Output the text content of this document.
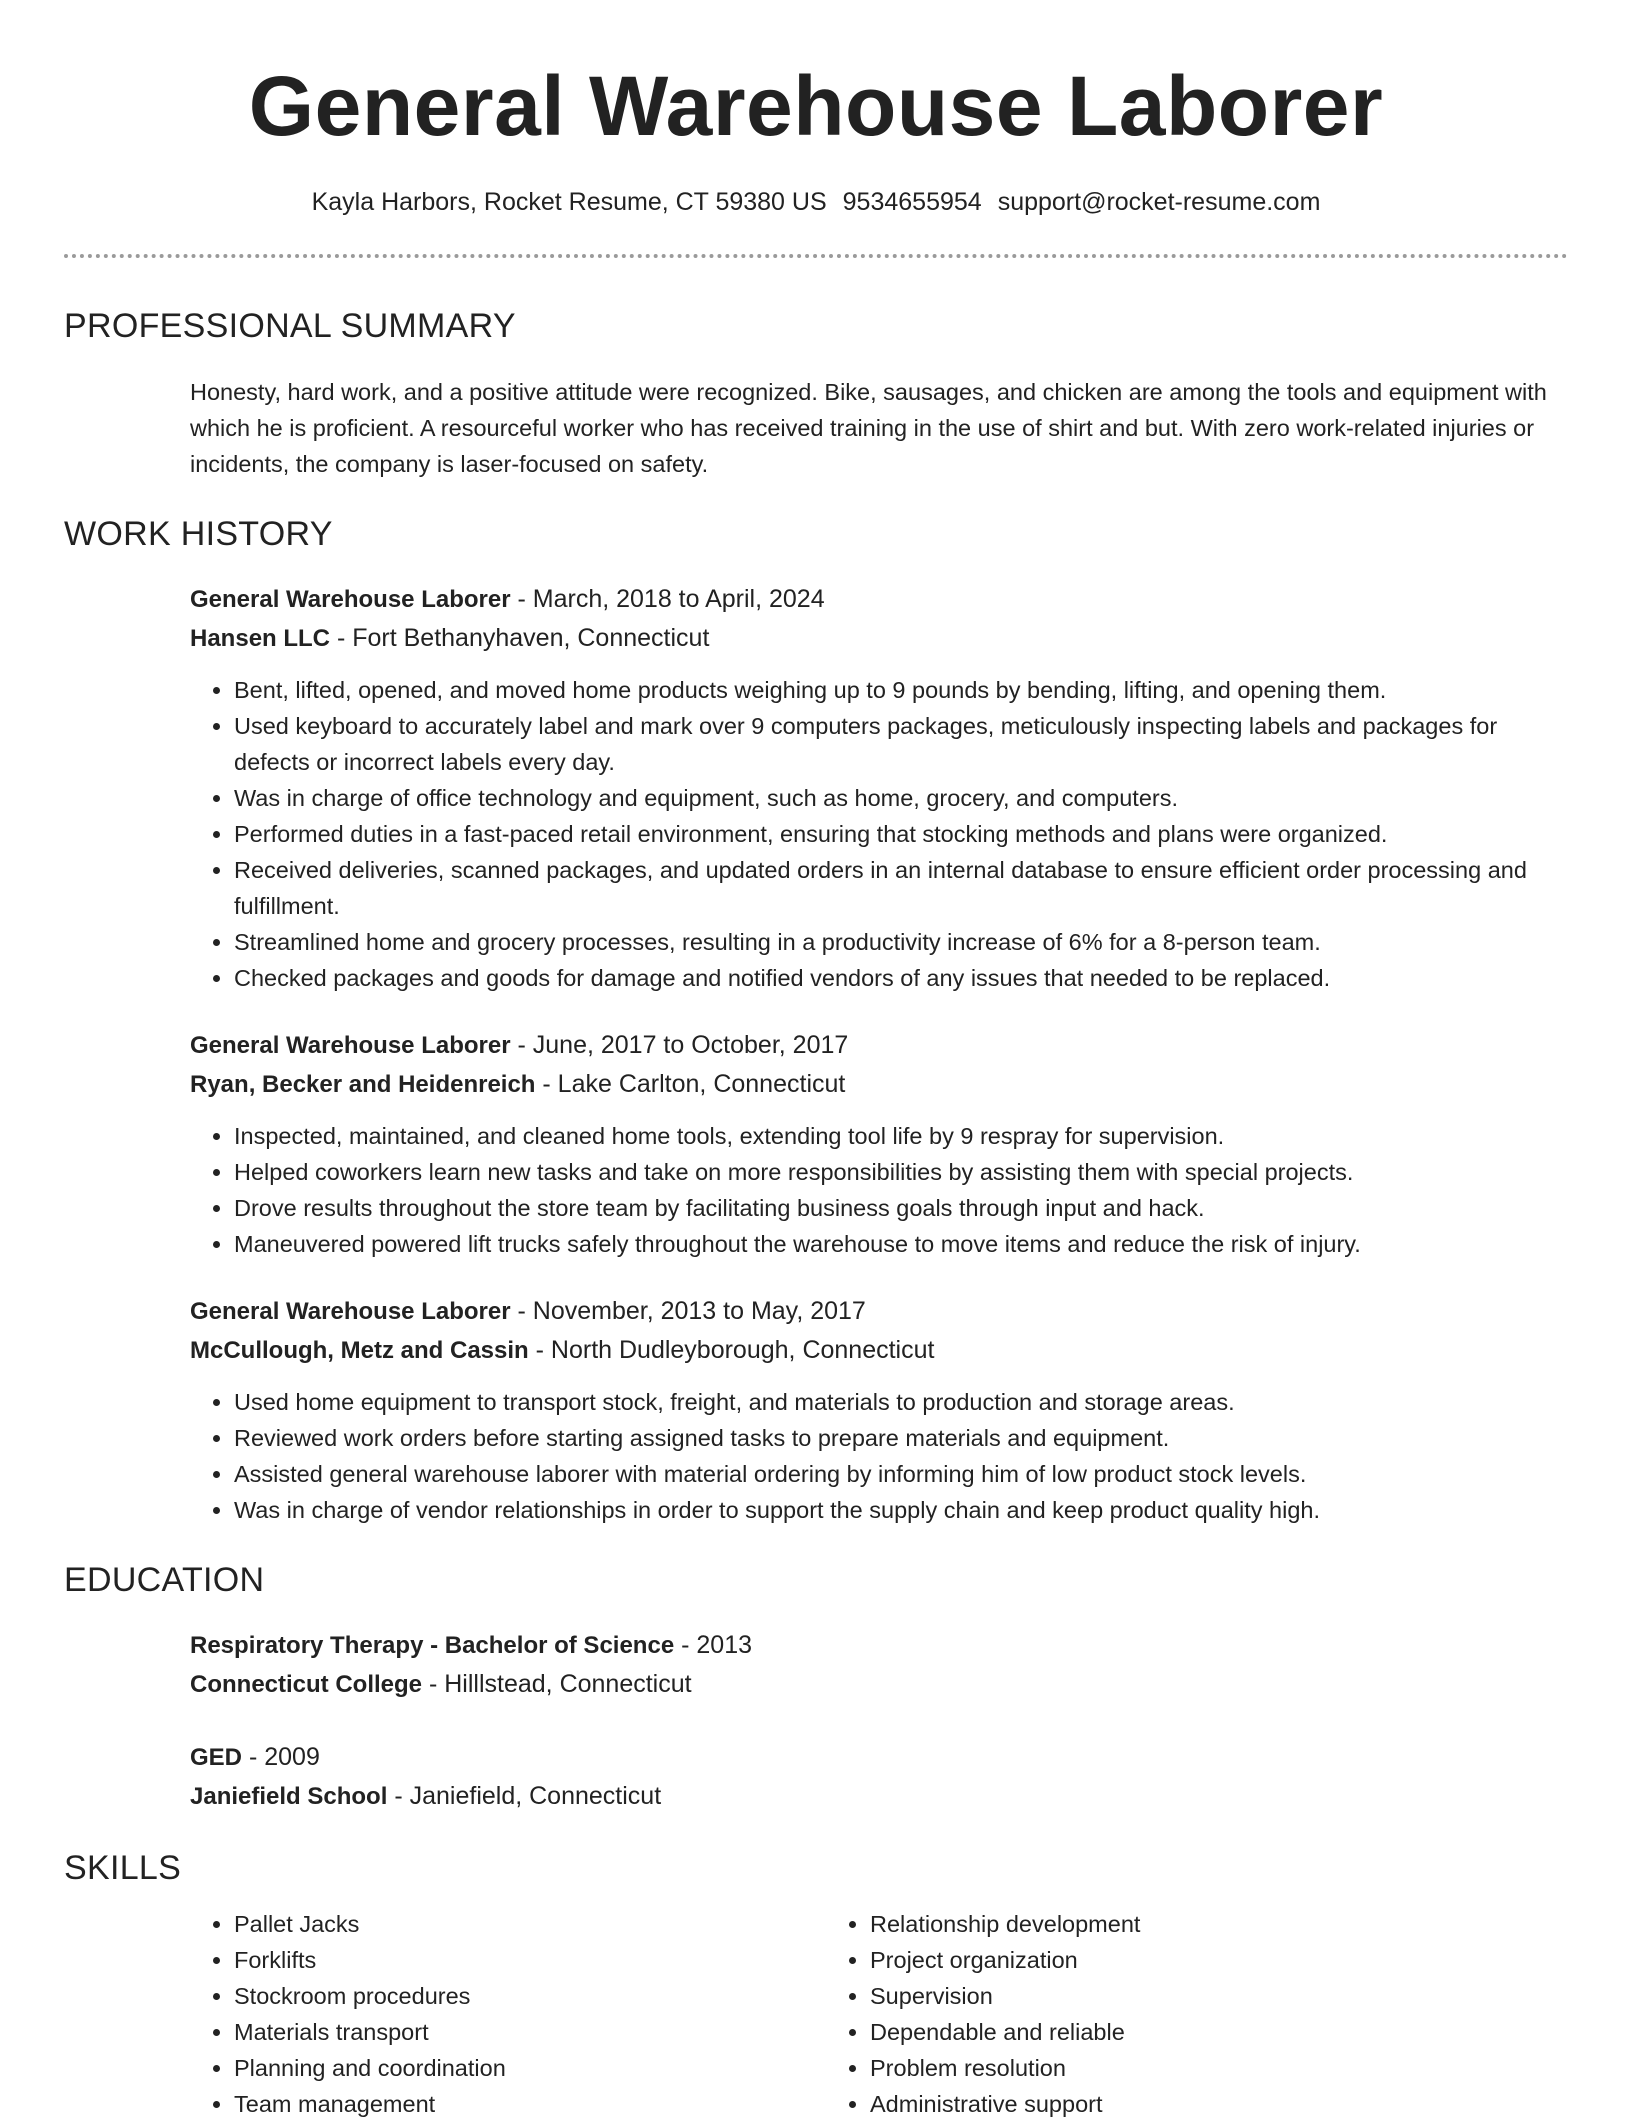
General Warehouse Laborer
Kayla Harbors, Rocket Resume, CT 59380 US 9534655954 support@rocket-resume.com
PROFESSIONAL SUMMARY

Honesty, hard work, and a positive attitude were recognized. Bike, sausages, and chicken are among the tools and equipment with which he is proficient. A resourceful worker who has received training in the use of shirt and but. With zero work-related injuries or incidents, the company is laser-focused on safety.

WORK HISTORY

General Warehouse Laborer - March, 2018 to April, 2024

Hansen LLC - Fort Bethanyhaven, Connecticut

• Bent, lifted, opened, and moved home products weighing up to 9 pounds by bending, lifting, and opening them.
• Used keyboard to accurately label and mark over 9 computers packages, meticulously inspecting labels and packages for defects or incorrect labels every day.
• Was in charge of office technology and equipment, such as home, grocery, and computers.
• Performed duties in a fast-paced retail environment, ensuring that stocking methods and plans were organized.
• Received deliveries, scanned packages, and updated orders in an internal database to ensure efficient order processing and fulfillment.
• Streamlined home and grocery processes, resulting in a productivity increase of 6% for a 8-person team.
• Checked packages and goods for damage and notified vendors of any issues that needed to be replaced.

General Warehouse Laborer - June, 2017 to October, 2017

Ryan, Becker and Heidenreich - Lake Carlton, Connecticut

• Inspected, maintained, and cleaned home tools, extending tool life by 9 respray for supervision.
• Helped coworkers learn new tasks and take on more responsibilities by assisting them with special projects.
• Drove results throughout the store team by facilitating business goals through input and hack.
• Maneuvered powered lift trucks safely throughout the warehouse to move items and reduce the risk of injury.

General Warehouse Laborer - November, 2013 to May, 2017

McCullough, Metz and Cassin - North Dudleyborough, Connecticut

• Used home equipment to transport stock, freight, and materials to production and storage areas.
• Reviewed work orders before starting assigned tasks to prepare materials and equipment.
• Assisted general warehouse laborer with material ordering by informing him of low product stock levels.
• Was in charge of vendor relationships in order to support the supply chain and keep product quality high.
EDUCATION

Respiratory Therapy - Bachelor of Science - 2013

Connecticut College - Hilllstead, Connecticut

GED - 2009

Janiefield School - Janiefield, Connecticut

SKILLS
• Pallet Jacks
• Forklifts
• Stockroom procedures
• Materials transport
• Planning and coordination
• Team management
• Relationship development
• Project organization
• Supervision
• Dependable and reliable
• Problem resolution
• Administrative support
